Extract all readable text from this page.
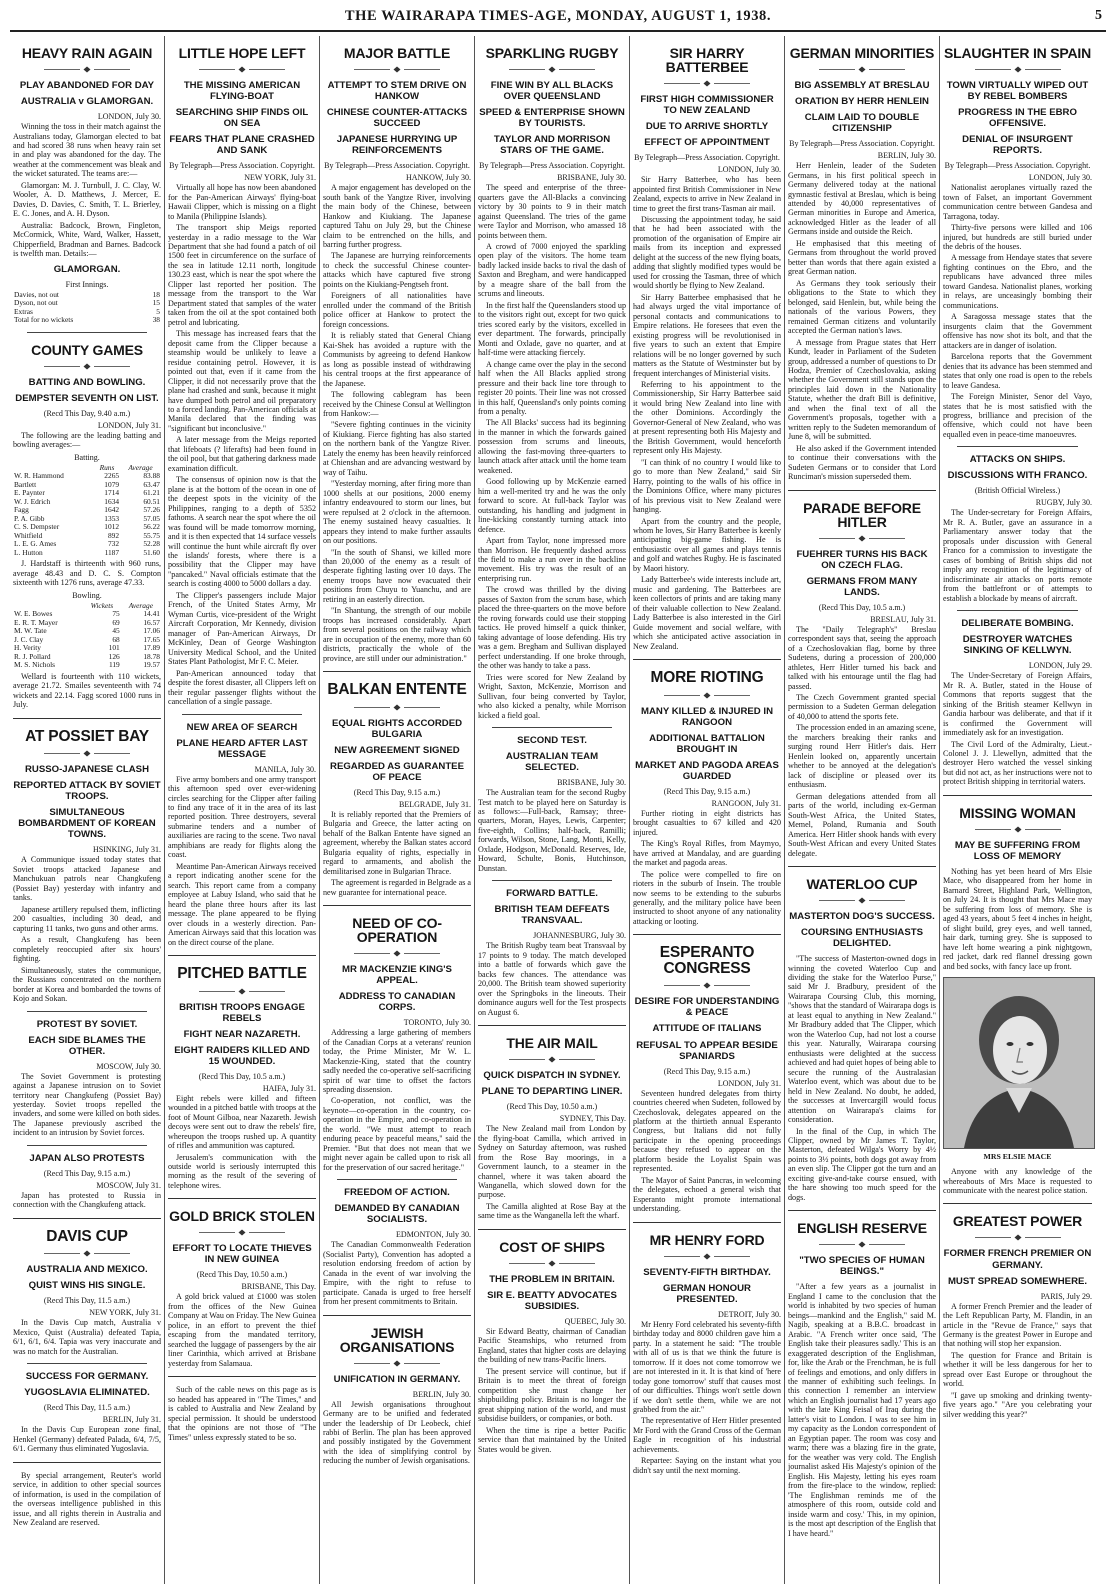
THE WAIRARAPA TIMES-AGE, MONDAY, AUGUST 1, 1938.	5
HEAVY RAIN AGAIN
PLAY ABANDONED FOR DAY
AUSTRALIA v GLAMORGAN.
LONDON, July 30.

Winning the toss in their match against the Australians today, Glamorgan elected to bat and had scored 38 runs when heavy rain set in and play was abandoned for the day. The weather at the commencement was bleak and the wicket saturated. The teams are:—

Glamorgan: M. J. Turnbull, J. C. Clay, W. Wooler, A. D. Matthews, J. Mercer, E. Davies, D. Davies, C. Smith, T. L. Brierley, E. C. Jones, and A. H. Dyson.

Australia: Badcock, Brown, Fingleton, McCormick, White, Ward, Walker, Hassett, Chipperfield, Bradman and Barnes. Badcock is twelfth man. Details:—

GLAMORGAN.
First Innings.
Davies, not out	18
Dyson, not out	15
Extras	5
Total for no wickets	38
COUNTY GAMES
BATTING AND BOWLING.
DEMPSTER SEVENTH ON LIST.
(Recd This Day, 9.40 a.m.)
LONDON, July 31.

The following are the leading batting and bowling averages:—

Batting.
	Runs	Average
W. R. Hammond	2265	83.88
Bartlett	1079	63.47
E. Paynter	1714	61.21
W. J. Edrich	1634	60.51
Fagg	1642	57.26
P. A. Gibb	1353	57.05
C. S. Dempster	1012	56.22
Whitfield	892	55.75
L. E. G. Ames	732	52.28
L. Hutton	1187	51.60

J. Hardstaff is thirteenth with 960 runs, average 48.43 and D. C. S. Compton sixteenth with 1276 runs, average 47.33.

Bowling.
	Wickets	Average
W. E. Bowes	75	14.41
E. R. T. Mayer	69	16.57
M. W. Tate	45	17.06
J. C. Clay	68	17.65
H. Verity	101	17.89
R. J. Pollard	126	18.78
M. S. Nichols	119	19.57

Wellard is fourteenth with 110 wickets, average 21.72. Smailes seventeenth with 74 wickets and 22.14. Fagg scored 1000 runs in July.

AT POSSIET BAY
RUSSO-JAPANESE CLASH
REPORTED ATTACK BY SOVIET TROOPS.
SIMULTANEOUS BOMBARDMENT OF KOREAN TOWNS.
HSINKING, July 31.

A Communique issued today states that Soviet troops attacked Japanese and Manchukuan patrols near Changkufeng (Possiet Bay) yesterday with infantry and tanks.

Japanese artillery repulsed them, inflicting 200 casualties, including 30 dead, and capturing 11 tanks, two guns and other arms.

As a result, Changkufeng has been completely reoccupied after six hours' fighting.

Simultaneously, states the communique, the Russians concentrated on the northern border at Korea and bombarded the towns of Kojo and Sokan.

PROTEST BY SOVIET.
EACH SIDE BLAMES THE OTHER.
MOSCOW, July 30.

The Soviet Government is protesting against a Japanese intrusion on to Soviet territory near Changkufeng (Possiet Bay) yesterday. Soviet troops repelled the invaders, and some were killed on both sides. The Japanese previously ascribed the incident to an intrusion by Soviet forces.

JAPAN ALSO PROTESTS
(Recd This Day, 9.15 a.m.)
MOSCOW, July 31.

Japan has protested to Russia in connection with the Changkufeng attack.

DAVIS CUP
AUSTRALIA AND MEXICO.
QUIST WINS HIS SINGLE.
(Recd This Day, 11.5 a.m.)
NEW YORK, July 31.

In the Davis Cup match, Australia v Mexico, Quist (Australia) defeated Tapia, 6/1, 6/1, 6/4. Tapia was very inaccurate and was no match for the Australian.

SUCCESS FOR GERMANY.
YUGOSLAVIA ELIMINATED.
(Recd This Day, 11.5 a.m.)
BERLIN, July 31.

In the Davis Cup European zone final, Henkel (Germany) defeated Palada, 6/4, 7/5, 6/1. Germany thus eliminated Yugoslavia.

By special arrangement, Reuter's world service, in addition to other special sources of information, is used in the compilation of the overseas intelligence published in this issue, and all rights therein in Australia and New Zealand are reserved.

LITTLE HOPE LEFT
THE MISSING AMERICAN FLYING-BOAT
SEARCHING SHIP FINDS OIL ON SEA
FEARS THAT PLANE CRASHED AND SANK
By Telegraph—Press Association. Copyright.
NEW YORK, July 31.

Virtually all hope has now been abandoned for the Pan-American Airways' flying-boat Hawaii Clipper, which is missing on a flight to Manila (Philippine Islands).

The transport ship Meigs reported yesterday in a radio message to the War Department that she had found a patch of oil 1500 feet in circumference on the surface of the sea in latitude 12.11 north, longitude 130.23 east, which is near the spot where the Clipper last reported her position. The message from the transport to the War Department stated that samples of the water taken from the oil at the spot contained both petrol and lubricating.

This message has increased fears that the deposit came from the Clipper because a steamship would be unlikely to leave a residue containing petrol. However, it is pointed out that, even if it came from the Clipper, it did not necessarily prove that the plane had crashed and sunk, because it might have dumped both petrol and oil preparatory to a forced landing. Pan-American officials at Manila declared that the finding was "significant but inconclusive."

A later message from the Meigs reported that lifeboats (? liferafts) had been found in the oil pool, but that gathering darkness made examination difficult.

The consensus of opinion now is that the plane is at the bottom of the ocean in one of the deepest spots in the vicinity of the Philippines, ranging to a depth of 5352 fathoms. A search near the spot where the oil was found will be made tomorrow morning, and it is then expected that 14 surface vessels will continue the hunt while aircraft fly over the islands' forests, where there is a possibility that the Clipper may have "pancaked." Naval officials estimate that the search is costing 4000 to 5000 dollars a day.

The Clipper's passengers include Major French, of the United States Army, Mr Wyman Curtis, vice-president of the Wright Aircraft Corporation, Mr Kennedy, division manager of Pan-American Airways, Dr McKinley, Dean of George Washington University Medical School, and the United States Plant Pathologist, Mr F. C. Meier.

Pan-American announced today that despite the forest disaster, all Clippers left on their regular passenger flights without the cancellation of a single passage.

NEW AREA OF SEARCH
PLANE HEARD AFTER LAST MESSAGE
MANILA, July 30.

Five army bombers and one army transport this afternoon sped over ever-widening circles searching for the Clipper after failing to find any trace of it in the area of its last reported position. Three destroyers, several submarine tenders and a number of auxiliaries are racing to the scene. Two naval amphibians are ready for flights along the coast.

Meantime Pan-American Airways received a report indicating another scene for the search. This report came from a company employee at Labuy Island, who said that he heard the plane three hours after its last message. The plane appeared to be flying over clouds in a westerly direction. Pan-American Airways said that this location was on the direct course of the plane.

PITCHED BATTLE
BRITISH TROOPS ENGAGE REBELS
FIGHT NEAR NAZARETH.
EIGHT RAIDERS KILLED AND 15 WOUNDED.
(Recd This Day, 10.5 a.m.)
HAIFA, July 31.

Eight rebels were killed and fifteen wounded in a pitched battle with troops at the foot of Mount Gilboa, near Nazareth. Jewish decoys were sent out to draw the rebels' fire, whereupon the troops rushed up. A quantity of rifles and ammunition was captured.

Jerusalem's communication with the outside world is seriously interrupted this morning as the result of the severing of telephone wires.

GOLD BRICK STOLEN
EFFORT TO LOCATE THIEVES IN NEW GUINEA
(Recd This Day, 10.50 a.m.)
BRISBANE, This Day.

A gold brick valued at £1000 was stolen from the offices of the New Guinea Company at Wau on Friday. The New Guinea police, in an effort to prevent the thief escaping from the mandated territory, searched the luggage of passengers by the air liner Carinthia, which arrived at Brisbane yesterday from Salamaua.

Such of the cable news on this page as is so headed has appeared in "The Times," and is cabled to Australia and New Zealand by special permission. It should be understood that the opinions are not those of "The Times" unless expressly stated to be so.

MAJOR BATTLE
ATTEMPT TO STEM DRIVE ON HANKOW
CHINESE COUNTER-ATTACKS SUCCEED
JAPANESE HURRYING UP REINFORCEMENTS
By Telegraph—Press Association. Copyright.
HANKOW, July 30.

A major engagement has developed on the south bank of the Yangtze River, involving the main body of the Chinese, between Hankow and Kiukiang. The Japanese captured Tahu on July 29, but the Chinese claim to be entrenched on the hills, and barring further progress.

The Japanese are hurrying reinforcements to check the successful Chinese counter-attacks which have captured five strong points on the Kiukiang-Pengtseh front.

Foreigners of all nationalities have enrolled under the command of the British police officer at Hankow to protect the foreign concessions.

It is reliably stated that General Chiang Kai-Shek has avoided a rupture with the Communists by agreeing to defend Hankow as long as possible instead of withdrawing his central troops at the first appearance of the Japanese.

The following cablegram has been received by the Chinese Consul at Wellington from Hankow:—

"Severe fighting continues in the vicinity of Kiukiang. Fierce fighting has also started on the northern bank of the Yangtze River. Lately the enemy has been heavily reinforced at Chienshan and are advancing westward by way of Taihu.

"Yesterday morning, after firing more than 1000 shells at our positions, 2000 enemy infantry endeavoured to storm our lines, but were repulsed at 2 o'clock in the afternoon. The enemy sustained heavy casualties. It appears they intend to make further assaults on our positions.

"In the south of Shansi, we killed more than 20,000 of the enemy as a result of desperate fighting lasting over 10 days. The enemy troops have now evacuated their positions from Chuyu to Yuanchu, and are retiring in an easterly direction.

"In Shantung, the strength of our mobile troops has increased considerably. Apart from several positions on the railway which are in occupation of the enemy, more than 60 districts, practically the whole of the province, are still under our administration."

BALKAN ENTENTE
EQUAL RIGHTS ACCORDED BULGARIA
NEW AGREEMENT SIGNED
REGARDED AS GUARANTEE OF PEACE
(Recd This Day, 9.15 a.m.)
BELGRADE, July 31.

It is reliably reported that the Premiers of Bulgaria and Greece, the latter acting on behalf of the Balkan Entente have signed an agreement, whereby the Balkan states accord Bulgaria equality of rights, especially in regard to armaments, and abolish the demilitarised zone in Bulgarian Thrace.

The agreement is regarded in Belgrade as a new guarantee for international peace.

NEED OF CO-OPERATION
MR MACKENZIE KING'S APPEAL.
ADDRESS TO CANADIAN CORPS.
TORONTO, July 30.

Addressing a large gathering of members of the Canadian Corps at a veterans' reunion today, the Prime Minister, Mr W. L. Mackenzie-King, stated that the country sadly needed the co-operative self-sacrificing spirit of war time to offset the factors spreading dissension.

Co-operation, not conflict, was the keynote—co-operation in the country, co-operation in the Empire, and co-operation in the world. "We must attempt to reach enduring peace by peaceful means," said the Premier. "But that does not mean that we might never again be called upon to risk all for the preservation of our sacred heritage."

FREEDOM OF ACTION.
DEMANDED BY CANADIAN SOCIALISTS.
EDMONTON, July 30.

The Canadian Commonwealth Federation (Socialist Party), Convention has adopted a resolution endorsing freedom of action by Canada in the event of war involving the Empire, with the right to refuse to participate. Canada is urged to free herself from her present commitments to Britain.

JEWISH ORGANISATIONS
UNIFICATION IN GERMANY.
BERLIN, July 30.

All Jewish organisations throughout Germany are to be unified and federated under the leadership of Dr Leobeck, chief rabbi of Berlin. The plan has been approved and possibly instigated by the Government with the idea of simplifying control by reducing the number of Jewish organisations.

SPARKLING RUGBY
FINE WIN BY ALL BLACKS OVER QUEENSLAND
SPEED & ENTERPRISE SHOWN BY TOURISTS.
TAYLOR AND MORRISON STARS OF THE GAME.
By Telegraph—Press Association. Copyright.
BRISBANE, July 30.

The speed and enterprise of the three-quarters gave the All-Blacks a convincing victory by 30 points to 9 in their match against Queensland. The tries of the game were Taylor and Morrison, who amassed 18 points between them.

A crowd of 7000 enjoyed the sparkling open play of the visitors. The home team badly lacked inside backs to rival the dash of Saxton and Bregham, and were handicapped by a meagre share of the ball from the scrums and lineouts.

In the first half the Queenslanders stood up to the visitors right out, except for two quick tries scored early by the visitors, excelled in ever department. The forwards, principally Monti and Oxlade, gave no quarter, and at half-time were attacking fiercely.

A change came over the play in the second half when the All Blacks applied strong pressure and their back line tore through to register 20 points. Their line was not crossed in this half, Queensland's only points coming from a penalty.

The All Blacks' success had its beginning in the manner in which the forwards gained possession from scrums and lineouts, allowing the fast-moving three-quarters to launch attack after attack until the home team weakened.

Good following up by McKenzie earned him a well-merited try and he was the only forward to score. At full-back Taylor was outstanding, his handling and judgment in line-kicking constantly turning attack into defence.

Apart from Taylor, none impressed more than Morrison. He frequently dashed across the field to make a run over in the backline movement. His try was the result of an enterprising run.

The crowd was thrilled by the diving passes of Saxton from the scrum base, which placed the three-quarters on the move before the roving forwards could use their stopping tactics. He proved himself a quick thinker, taking advantage of loose defending. His try was a gem. Bregham and Sullivan displayed perfect understanding. If one broke through, the other was handy to take a pass.

Tries were scored for New Zealand by Wright, Saxton, McKenzie, Morrison and Sullivan, four being converted by Taylor, who also kicked a penalty, while Morrison kicked a field goal.

SECOND TEST.
AUSTRALIAN TEAM SELECTED.
BRISBANE, July 30.

The Australian team for the second Rugby Test match to be played here on Saturday is as follows:—Full-back, Ramsay; three-quarters, Moran, Hayes, Lewis, Carpenter; five-eighth, Collins; half-back, Ramilli; forwards, Wilson, Stone, Lang, Monti, Kelly, Oxlade, Hodgson, McDonald. Reserves, Ide, Howard, Schulte, Bonis, Hutchinson, Dunstan.

FORWARD BATTLE.
BRITISH TEAM DEFEATS TRANSVAAL.
JOHANNESBURG, July 30.

The British Rugby team beat Transvaal by 17 points to 9 today. The match developed into a battle of forwards which gave the backs few chances. The attendance was 20,000. The British team showed superiority over the Springboks in the lineouts. Their dominance augurs well for the Test prospects on August 6.

THE AIR MAIL
QUICK DISPATCH IN SYDNEY.
PLANE TO DEPARTING LINER.
(Recd This Day, 10.50 a.m.)
SYDNEY, This Day.

The New Zealand mail from London by the flying-boat Camilla, which arrived in Sydney on Saturday afternoon, was rushed from the Rose Bay moorings, in a Government launch, to a steamer in the channel, where it was taken aboard the Wanganella, which slowed down for the purpose.

The Camilla alighted at Rose Bay at the same time as the Wanganella left the wharf.

COST OF SHIPS
THE PROBLEM IN BRITAIN.
SIR E. BEATTY ADVOCATES SUBSIDIES.
QUEBEC, July 30.

Sir Edward Beatty, chairman of Canadian Pacific Steamships, who returned from England, states that higher costs are delaying the building of new trans-Pacific liners.

The present service will continue, but if Britain is to meet the threat of foreign competition she must change her shipbuilding policy. Britain is no longer the great shipping nation of the world, and must subsidise builders, or companies, or both.

When the time is ripe a better Pacific service than that maintained by the United States would be given.

SIR HARRY BATTERBEE
FIRST HIGH COMMISSIONER TO NEW ZEALAND
DUE TO ARRIVE SHORTLY
EFFECT OF APPOINTMENT
By Telegraph—Press Association. Copyright.
LONDON, July 30.

Sir Harry Batterbee, who has been appointed first British Commissioner in New Zealand, expects to arrive in New Zealand in time to greet the first trans-Tasman air mail.

Discussing the appointment today, he said that he had been associated with the promotion of the organisation of Empire air mails from its inception and expressed delight at the success of the new flying boats, adding that slightly modified types would be used for crossing the Tasman, three of which would shortly be flying to New Zealand.

Sir Harry Batterbee emphasised that he had always urged the vital importance of personal contacts and communications to Empire relations. He foresees that even the existing progress will be revolutionised in five years to such an extent that Empire relations will be no longer governed by such matters as the Statute of Westminster but by frequent interchanges of Ministerial visits.

Referring to his appointment to the Commissionership, Sir Harry Batterbee said it would bring New Zealand into line with the other Dominions. Accordingly the Governor-General of New Zealand, who was at present representing both His Majesty and the British Government, would henceforth represent only His Majesty.

"I can think of no country I would like to go to more than New Zealand," said Sir Harry, pointing to the walls of his office in the Dominions Office, where many pictures of his previous visit to New Zealand were hanging.

Apart from the country and the people, whom he loves, Sir Harry Batterbee is keenly anticipating big-game fishing. He is enthusiastic over all games and plays tennis and golf and watches Rugby. He is fascinated by Maori history.

Lady Batterbee's wide interests include art, music and gardening. The Batterbees are keen collectors of prints and are taking many of their valuable collection to New Zealand. Lady Batterbee is also interested in the Girl Guide movement and social welfare, with which she anticipated active association in New Zealand.

MORE RIOTING
MANY KILLED & INJURED IN RANGOON
ADDITIONAL BATTALION BROUGHT IN
MARKET AND PAGODA AREAS GUARDED
(Recd This Day, 9.15 a.m.)
RANGOON, July 31.

Further rioting in eight districts has brought casualties to 67 killed and 420 injured.

The King's Royal Rifles, from Maymyo, have arrived at Mandalay, and are guarding the market and pagoda areas.

The police were compelled to fire on rioters in the suburb of Insein. The trouble now seems to be extending to the suburbs generally, and the military police have been instructed to shoot anyone of any nationality attacking or looting.

ESPERANTO CONGRESS
DESIRE FOR UNDERSTANDING & PEACE
ATTITUDE OF ITALIANS
REFUSAL TO APPEAR BESIDE SPANIARDS
(Recd This Day, 9.15 a.m.)
LONDON, July 31.

Seventeen hundred delegates from thirty countries cheered when Sudeten, followed by Czechoslovak, delegates appeared on the platform at the thirtieth annual Esperanto Congress, but Italians did not fully participate in the opening proceedings because they refused to appear on the platform beside the Loyalist Spain was represented.

The Mayor of Saint Pancras, in welcoming the delegates, echoed a general wish that Esperanto might promote international understanding.

MR HENRY FORD
SEVENTY-FIFTH BIRTHDAY.
GERMAN HONOUR PRESENTED.
DETROIT, July 30.

Mr Henry Ford celebrated his seventy-fifth birthday today and 8000 children gave him a party. In a statement he said: "The trouble with all of us is that we think the future is tomorrow. If it does not come tomorrow we are not interested in it. It is that kind of 'here today gone tomorrow' stuff that causes most of our difficulties. Things won't settle down if we don't settle them, while we are not grabbed from the air."

The representative of Herr Hitler presented Mr Ford with the Grand Cross of the German Eagle in recognition of his industrial achievements.

Repartee: Saying on the instant what you didn't say until the next morning.

GERMAN MINORITIES
BIG ASSEMBLY AT BRESLAU
ORATION BY HERR HENLEIN
CLAIM LAID TO DOUBLE CITIZENSHIP
By Telegraph—Press Association. Copyright.
BERLIN, July 30.

Herr Henlein, leader of the Sudeten Germans, in his first political speech in Germany delivered today at the national gymnastic festival at Breslau, which is being attended by 40,000 representatives of German minorities in Europe and America, acknowledged Hitler as the leader of all Germans inside and outside the Reich.

He emphasised that this meeting of Germans from throughout the world proved better than words that there again existed a great German nation.

As Germans they took seriously their obligations to the State to which they belonged, said Henlein, but, while being the nationals of the various Powers, they remained German citizens and voluntarily accepted the German nation's laws.

A message from Prague states that Herr Kundt, leader in Parliament of the Sudeten group, addressed a number of questions to Dr Hodza, Premier of Czechoslovakia, asking whether the Government still stands upon the principles laid down in the Nationality Statute, whether the draft Bill is definitive, and when the final text of all the Government's proposals, together with a written reply to the Sudeten memorandum of June 8, will be submitted.

He also asked if the Government intended to continue their conversations with the Sudeten Germans or to consider that Lord Runciman's mission superseded them.

PARADE BEFORE HITLER
FUEHRER TURNS HIS BACK ON CZECH FLAG.
GERMANS FROM MANY LANDS.
(Recd This Day, 10.5 a.m.)
BRESLAU, July 31.

The "Daily Telegraph's" Breslau correspondent says that, seeing the approach of a Czechoslovakian flag, borne by three Sudetens, during a procession of 200,000 athletes, Herr Hitler turned his back and talked with his entourage until the flag had passed.

The Czech Government granted special permission to a Sudeten German delegation of 40,000 to attend the sports fete.

The procession ended in an amazing scene, the marchers breaking their ranks and surging round Herr Hitler's dais. Herr Henlein looked on, apparently uncertain whether to be annoyed at the delegation's lack of discipline or pleased over its enthusiasm.

German delegations attended from all parts of the world, including ex-German South-West Africa, the United States, Memel, Poland, Rumania and South America. Herr Hitler shook hands with every South-West African and every United States delegate.

WATERLOO CUP
MASTERTON DOG'S SUCCESS.
COURSING ENTHUSIASTS DELIGHTED.

"The success of Masterton-owned dogs in winning the coveted Waterloo Cup and dividing the stake for the Waterloo Purse," said Mr J. Bradbury, president of the Wairarapa Coursing Club, this morning, "shows that the standard of Wairarapa dogs is at least equal to anything in New Zealand." Mr Bradbury added that The Clipper, which won the Waterloo Cup, had not lost a course this year. Naturally, Wairarapa coursing enthusiasts were delighted at the success achieved and had quiet hopes of being able to secure the running of the Australasian Waterloo event, which was about due to be held in New Zealand. No doubt, he added, the successes at Invercargill would focus attention on Wairarapa's claims for consideration.

In the final of the Cup, in which The Clipper, owned by Mr James T. Taylor, Masterton, defeated Wilga's Worry by 4½ points to 3½ points, both dogs got away from an even slip. The Clipper got the turn and an exciting give-and-take course ensued, with the hare showing too much speed for the dogs.

ENGLISH RESERVE
"TWO SPECIES OF HUMAN BEINGS."

"After a few years as a journalist in England I came to the conclusion that the world is inhabited by two species of human beings—mankind and the English," said M. Nagib, speaking at a B.B.C. broadcast in Arabic. "A French writer once said, 'The English take their pleasures sadly.' This is an exaggerated description of the Englishman, for, like the Arab or the Frenchman, he is full of feelings and emotions, and only differs in the manner of exhibiting such feelings. In this connection I remember an interview which an English journalist had 17 years ago with the late King Feisal of Iraq during the latter's visit to London. I was to see him in my capacity as the London correspondent of an Egyptian paper. The room was cosy and warm; there was a blazing fire in the grate, for the weather was very cold. The English journalist asked His Majesty's opinion of the English. His Majesty, letting his eyes roam from the fire-place to the window, replied: 'The Englishman reminds me of the atmosphere of this room, outside cold and inside warm and cosy.' This, in my opinion, is the most apt description of the English that I have heard."

SLAUGHTER IN SPAIN
TOWN VIRTUALLY WIPED OUT BY REBEL BOMBERS
PROGRESS IN THE EBRO OFFENSIVE.
DENIAL OF INSURGENT REPORTS.
By Telegraph—Press Association. Copyright.
LONDON, July 30.

Nationalist aeroplanes virtually razed the town of Falset, an important Government communication centre between Gandesa and Tarragona, today.

Thirty-five persons were killed and 106 injured, but hundreds are still buried under the debris of the houses.

A message from Hendaye states that severe fighting continues on the Ebro, and the republicans have advanced three miles toward Gandesa. Nationalist planes, working in relays, are unceasingly bombing their communications.

A Saragossa message states that the insurgents claim that the Government offensive has now shot its bolt, and that the attackers are in danger of isolation.

Barcelona reports that the Government denies that its advance has been stemmed and states that only one road is open to the rebels to leave Gandesa.

The Foreign Minister, Senor del Vayo, states that he is most satisfied with the progress, brilliance and precision of the offensive, which could not have been equalled even in peace-time manoeuvres.

ATTACKS ON SHIPS.
DISCUSSIONS WITH FRANCO.
(British Official Wireless.)
RUGBY, July 30.

The Under-secretary for Foreign Affairs, Mr R. A. Butler, gave an assurance in a Parliamentary answer today that the proposals under discussion with General Franco for a commission to investigate the cases of bombing of British ships did not imply any recognition of the legitimacy of indiscriminate air attacks on ports remote from the battlefront or of attempts to establish a blockade by means of aircraft.

DELIBERATE BOMBING.
DESTROYER WATCHES SINKING OF KELLWYN.
LONDON, July 29.

The Under-Secretary of Foreign Affairs, Mr R. A. Butler, stated in the House of Commons that reports suggest that the sinking of the British steamer Kellwyn in Gandia harbour was deliberate, and that if it is confirmed the Government will immediately ask for an investigation.

The Civil Lord of the Admiralty, Lieut.-Colonel J. J. Llewellyn, admitted that the destroyer Hero watched the vessel sinking but did not act, as her instructions were not to protect British shipping in territorial waters.

MISSING WOMAN
MAY BE SUFFERING FROM LOSS OF MEMORY

Nothing has yet been heard of Mrs Elsie Mace, who disappeared from her home in Barnard Street, Highland Park, Wellington, on July 24. It is thought that Mrs Mace may be suffering from loss of memory. She is aged 43 years, about 5 feet 4 inches in height, of slight build, grey eyes, and well tanned, hair dark, turning grey. She is supposed to have left home wearing a pink nightgown, red jacket, dark red flannel dressing gown and bed socks, with fancy lace up front.

MRS ELSIE MACE

Anyone with any knowledge of the whereabouts of Mrs Mace is requested to communicate with the nearest police station.

GREATEST POWER
FORMER FRENCH PREMIER ON GERMANY.
MUST SPREAD SOMEWHERE.
PARIS, July 29.

A former French Premier and the leader of the Left Republican Party, M. Flandin, in an article in the "Revue de France," says that Germany is the greatest Power in Europe and that nothing will stop her expansion.

The question for France and Britain is whether it will be less dangerous for her to spread over East Europe or throughout the world.

"I gave up smoking and drinking twenty-five years ago." "Are you celebrating your silver wedding this year?"
